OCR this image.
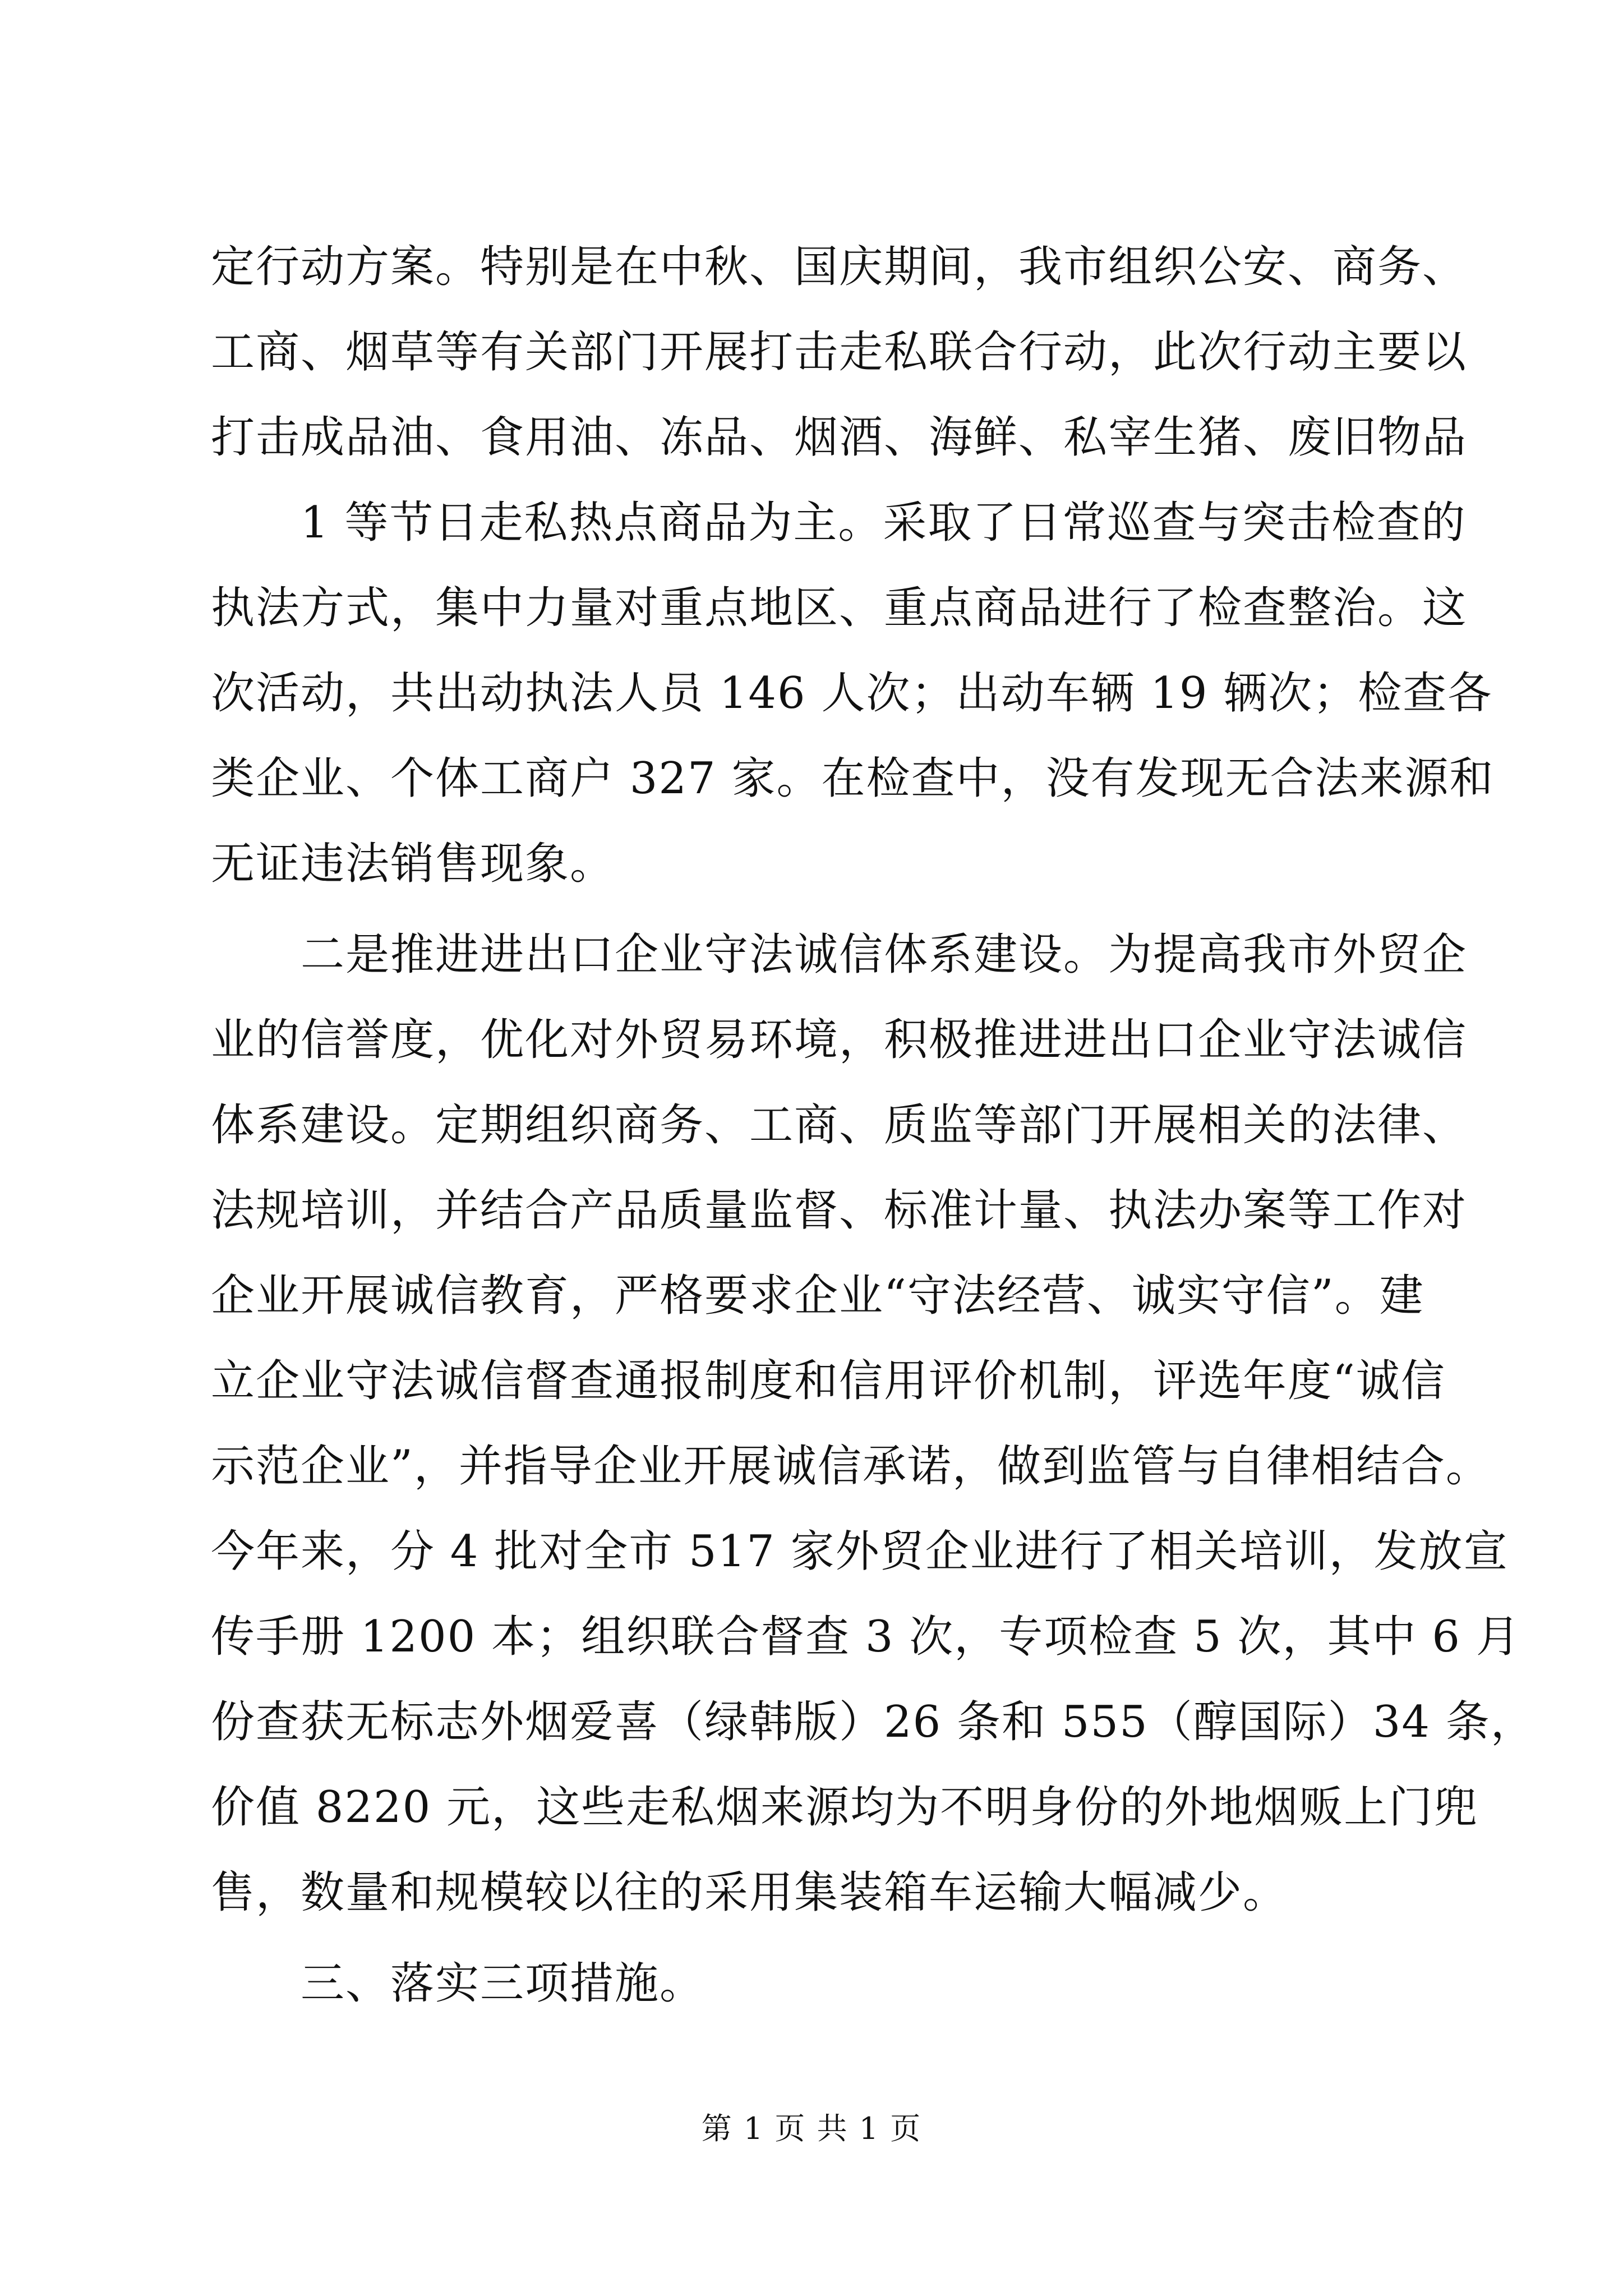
定行动方案。特别是在中秋、国庆期间，我市组织公安、商务、
工商、烟草等有关部门开展打击走私联合行动，此次行动主要以
打击成品油、食用油、冻品、烟酒、海鲜、私宰生猪、废旧物品
1 等节日走私热点商品为主。采取了日常巡查与突击检查的
执法方式，集中力量对重点地区、重点商品进行了检查整治。这
次活动，共出动执法人员 146 人次；出动车辆 19 辆次；检查各
类企业、个体工商户 327 家。在检查中，没有发现无合法来源和
无证违法销售现象。
二是推进进出口企业守法诚信体系建设。为提高我市外贸企
业的信誉度，优化对外贸易环境，积极推进进出口企业守法诚信
体系建设。定期组织商务、工商、质监等部门开展相关的法律、
法规培训，并结合产品质量监督、标准计量、执法办案等工作对
企业开展诚信教育，严格要求企业“守法经营、诚实守信”。建
立企业守法诚信督查通报制度和信用评价机制，评选年度“诚信
示范企业”，并指导企业开展诚信承诺，做到监管与自律相结合。
今年来，分 4 批对全市 517 家外贸企业进行了相关培训，发放宣
传手册 1200 本；组织联合督查 3 次，专项检查 5 次，其中 6 月
份查获无标志外烟爱喜（绿韩版）26 条和 555（醇国际）34 条，
价值 8220 元，这些走私烟来源均为不明身份的外地烟贩上门兜
售，数量和规模较以往的采用集装箱车运输大幅减少。
三、落实三项措施。
第 1 页 共 1 页
